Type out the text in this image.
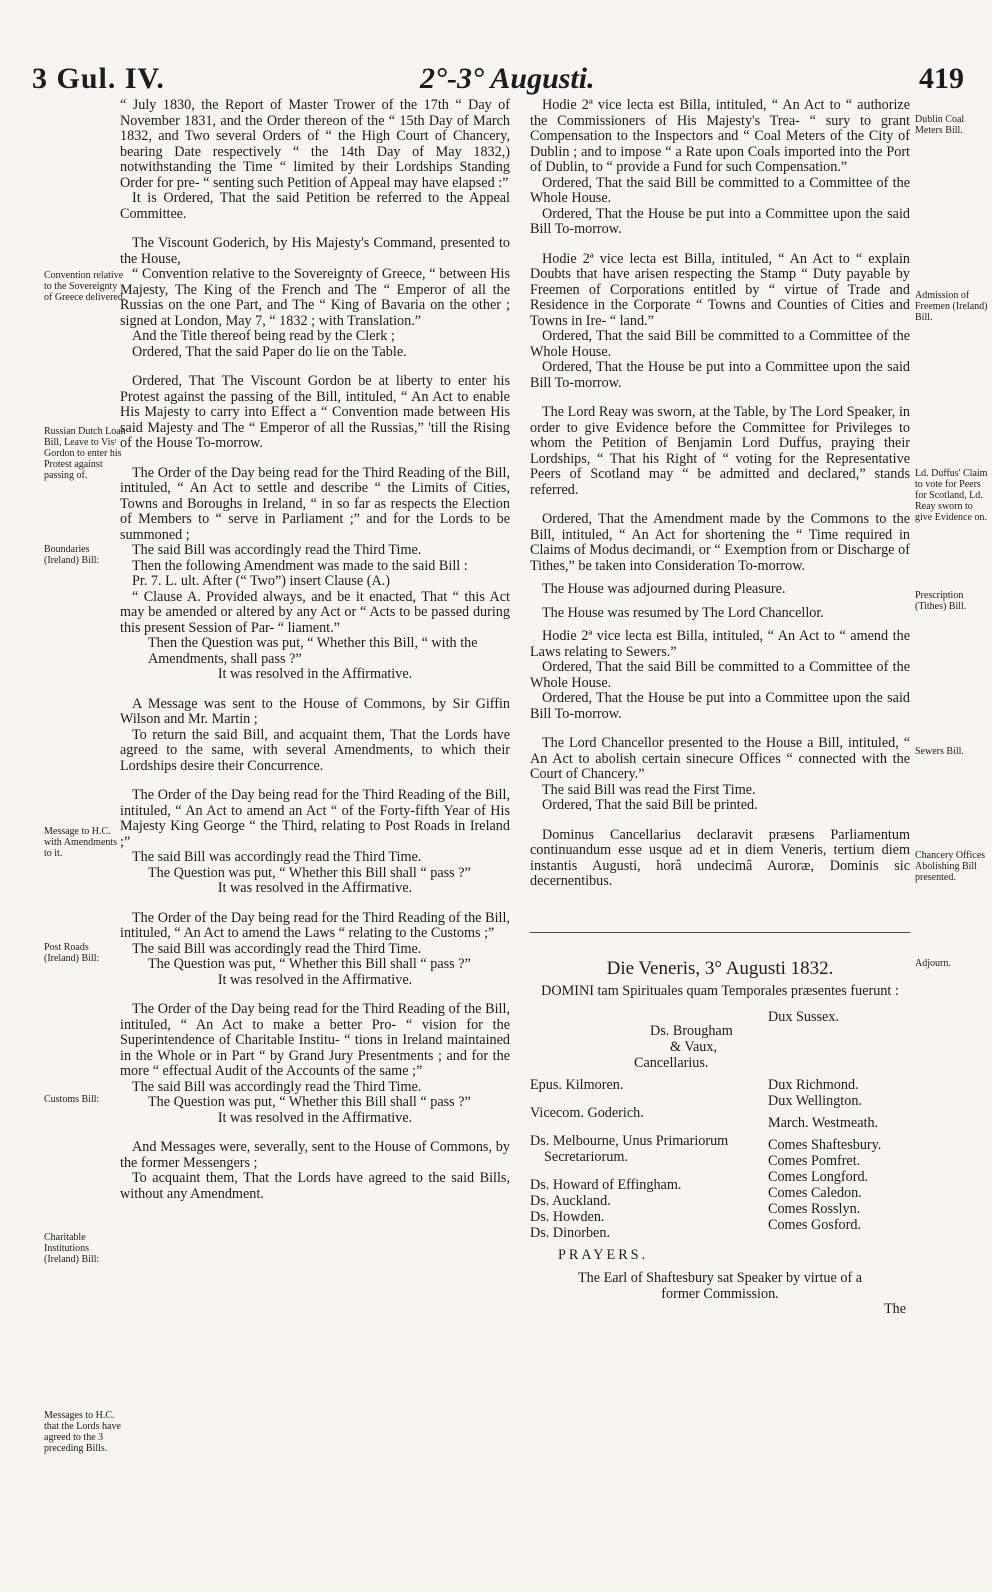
3 Gul. IV.	2°-3° Augusti.	419
Convention relative to the Sovereignty of Greece delivered.
Russian Dutch Loan Bill, Leave to Visᵗ Gordon to enter his Protest against passing of.
Boundaries (Ireland) Bill:
Message to H.C. with Amendments to it.
Post Roads (Ireland) Bill:
Customs Bill:
Charitable Institutions (Ireland) Bill:
Messages to H.C. that the Lords have agreed to the 3 preceding Bills.
Dublin Coal Meters Bill.
Admission of Freemen (Ireland) Bill.
Ld. Duffus' Claim to vote for Peers for Scotland, Ld. Reay sworn to give Evidence on.
Prescription (Tithes) Bill.
Sewers Bill.
Chancery Offices Abolishing Bill presented.
Adjourn.

“ July 1830, the Report of Master Trower of the 17th “ Day of November 1831, and the Order thereon of the “ 15th Day of March 1832, and Two several Orders of “ the High Court of Chancery, bearing Date respectively “ the 14th Day of May 1832,) notwithstanding the Time “ limited by their Lordships Standing Order for pre- “ senting such Petition of Appeal may have elapsed :”

It is Ordered, That the said Petition be referred to the Appeal Committee.

The Viscount Goderich, by His Majesty's Command, presented to the House,

“ Convention relative to the Sovereignty of Greece, “ between His Majesty, The King of the French and The “ Emperor of all the Russias on the one Part, and The “ King of Bavaria on the other ; signed at London, May 7, “ 1832 ; with Translation.”

And the Title thereof being read by the Clerk ;

Ordered, That the said Paper do lie on the Table.

Ordered, That The Viscount Gordon be at liberty to enter his Protest against the passing of the Bill, intituled, “ An Act to enable His Majesty to carry into Effect a “ Convention made between His said Majesty and The “ Emperor of all the Russias,” 'till the Rising of the House To-morrow.

The Order of the Day being read for the Third Reading of the Bill, intituled, “ An Act to settle and describe “ the Limits of Cities, Towns and Boroughs in Ireland, “ in so far as respects the Election of Members to “ serve in Parliament ;” and for the Lords to be summoned ;

The said Bill was accordingly read the Third Time.

Then the following Amendment was made to the said Bill :

Pr. 7. L. ult. After (“ Two”) insert Clause (A.)

“ Clause A. Provided always, and be it enacted, That “ this Act may be amended or altered by any Act or “ Acts to be passed during this present Session of Par- “ liament.”

Then the Question was put, “ Whether this Bill, “ with the Amendments, shall pass ?”

It was resolved in the Affirmative.

A Message was sent to the House of Commons, by Sir Giffin Wilson and Mr. Martin ;

To return the said Bill, and acquaint them, That the Lords have agreed to the same, with several Amendments, to which their Lordships desire their Concurrence.

The Order of the Day being read for the Third Reading of the Bill, intituled, “ An Act to amend an Act “ of the Forty-fifth Year of His Majesty King George “ the Third, relating to Post Roads in Ireland ;”

The said Bill was accordingly read the Third Time.

The Question was put, “ Whether this Bill shall “ pass ?”

It was resolved in the Affirmative.

The Order of the Day being read for the Third Reading of the Bill, intituled, “ An Act to amend the Laws “ relating to the Customs ;”

The said Bill was accordingly read the Third Time.

The Question was put, “ Whether this Bill shall “ pass ?”

It was resolved in the Affirmative.

The Order of the Day being read for the Third Reading of the Bill, intituled, “ An Act to make a better Pro- “ vision for the Superintendence of Charitable Institu- “ tions in Ireland maintained in the Whole or in Part “ by Grand Jury Presentments ; and for the more “ effectual Audit of the Accounts of the same ;”

The said Bill was accordingly read the Third Time.

The Question was put, “ Whether this Bill shall “ pass ?”

It was resolved in the Affirmative.

And Messages were, severally, sent to the House of Commons, by the former Messengers ;

To acquaint them, That the Lords have agreed to the said Bills, without any Amendment.

Hodie 2ª vice lecta est Billa, intituled, “ An Act to “ authorize the Commissioners of His Majesty's Trea- “ sury to grant Compensation to the Inspectors and “ Coal Meters of the City of Dublin ; and to impose “ a Rate upon Coals imported into the Port of Dublin, to “ provide a Fund for such Compensation.”

Ordered, That the said Bill be committed to a Committee of the Whole House.

Ordered, That the House be put into a Committee upon the said Bill To-morrow.

Hodie 2ª vice lecta est Billa, intituled, “ An Act to “ explain Doubts that have arisen respecting the Stamp “ Duty payable by Freemen of Corporations entitled by “ virtue of Trade and Residence in the Corporate “ Towns and Counties of Cities and Towns in Ire- “ land.”

Ordered, That the said Bill be committed to a Committee of the Whole House.

Ordered, That the House be put into a Committee upon the said Bill To-morrow.

The Lord Reay was sworn, at the Table, by The Lord Speaker, in order to give Evidence before the Committee for Privileges to whom the Petition of Benjamin Lord Duffus, praying their Lordships, “ That his Right of “ voting for the Representative Peers of Scotland may “ be admitted and declared,” stands referred.

Ordered, That the Amendment made by the Commons to the Bill, intituled, “ An Act for shortening the “ Time required in Claims of Modus decimandi, or “ Exemption from or Discharge of Tithes,” be taken into Consideration To-morrow.

The House was adjourned during Pleasure.

The House was resumed by The Lord Chancellor.

Hodie 2ª vice lecta est Billa, intituled, “ An Act to “ amend the Laws relating to Sewers.”

Ordered, That the said Bill be committed to a Committee of the Whole House.

Ordered, That the House be put into a Committee upon the said Bill To-morrow.

The Lord Chancellor presented to the House a Bill, intituled, “ An Act to abolish certain sinecure Offices “ connected with the Court of Chancery.”

The said Bill was read the First Time.

Ordered, That the said Bill be printed.

Dominus Cancellarius declaravit præsens Parliamentum continuandum esse usque ad et in diem Veneris, tertium diem instantis Augusti, horâ undecimâ Auroræ, Dominis sic decernentibus.

Die Veneris, 3° Augusti 1832.

DOMINI tam Spirituales quam Temporales præsentes fuerunt :

Ds. Brougham
& Vaux,
Cancellarius.
Epus. Kilmoren.
Vicecom. Goderich.
Ds. Melbourne, Unus Primariorum
Secretariorum.
Ds. Howard of Effingham.
Ds. Auckland.
Ds. Howden.
Ds. Dinorben.
Dux Sussex.
Dux Richmond.
Dux Wellington.
March. Westmeath.
Comes Shaftesbury.
Comes Pomfret.
Comes Longford.
Comes Caledon.
Comes Rosslyn.
Comes Gosford.

PRAYERS.

The Earl of Shaftesbury sat Speaker by virtue of a former Commission.

The
